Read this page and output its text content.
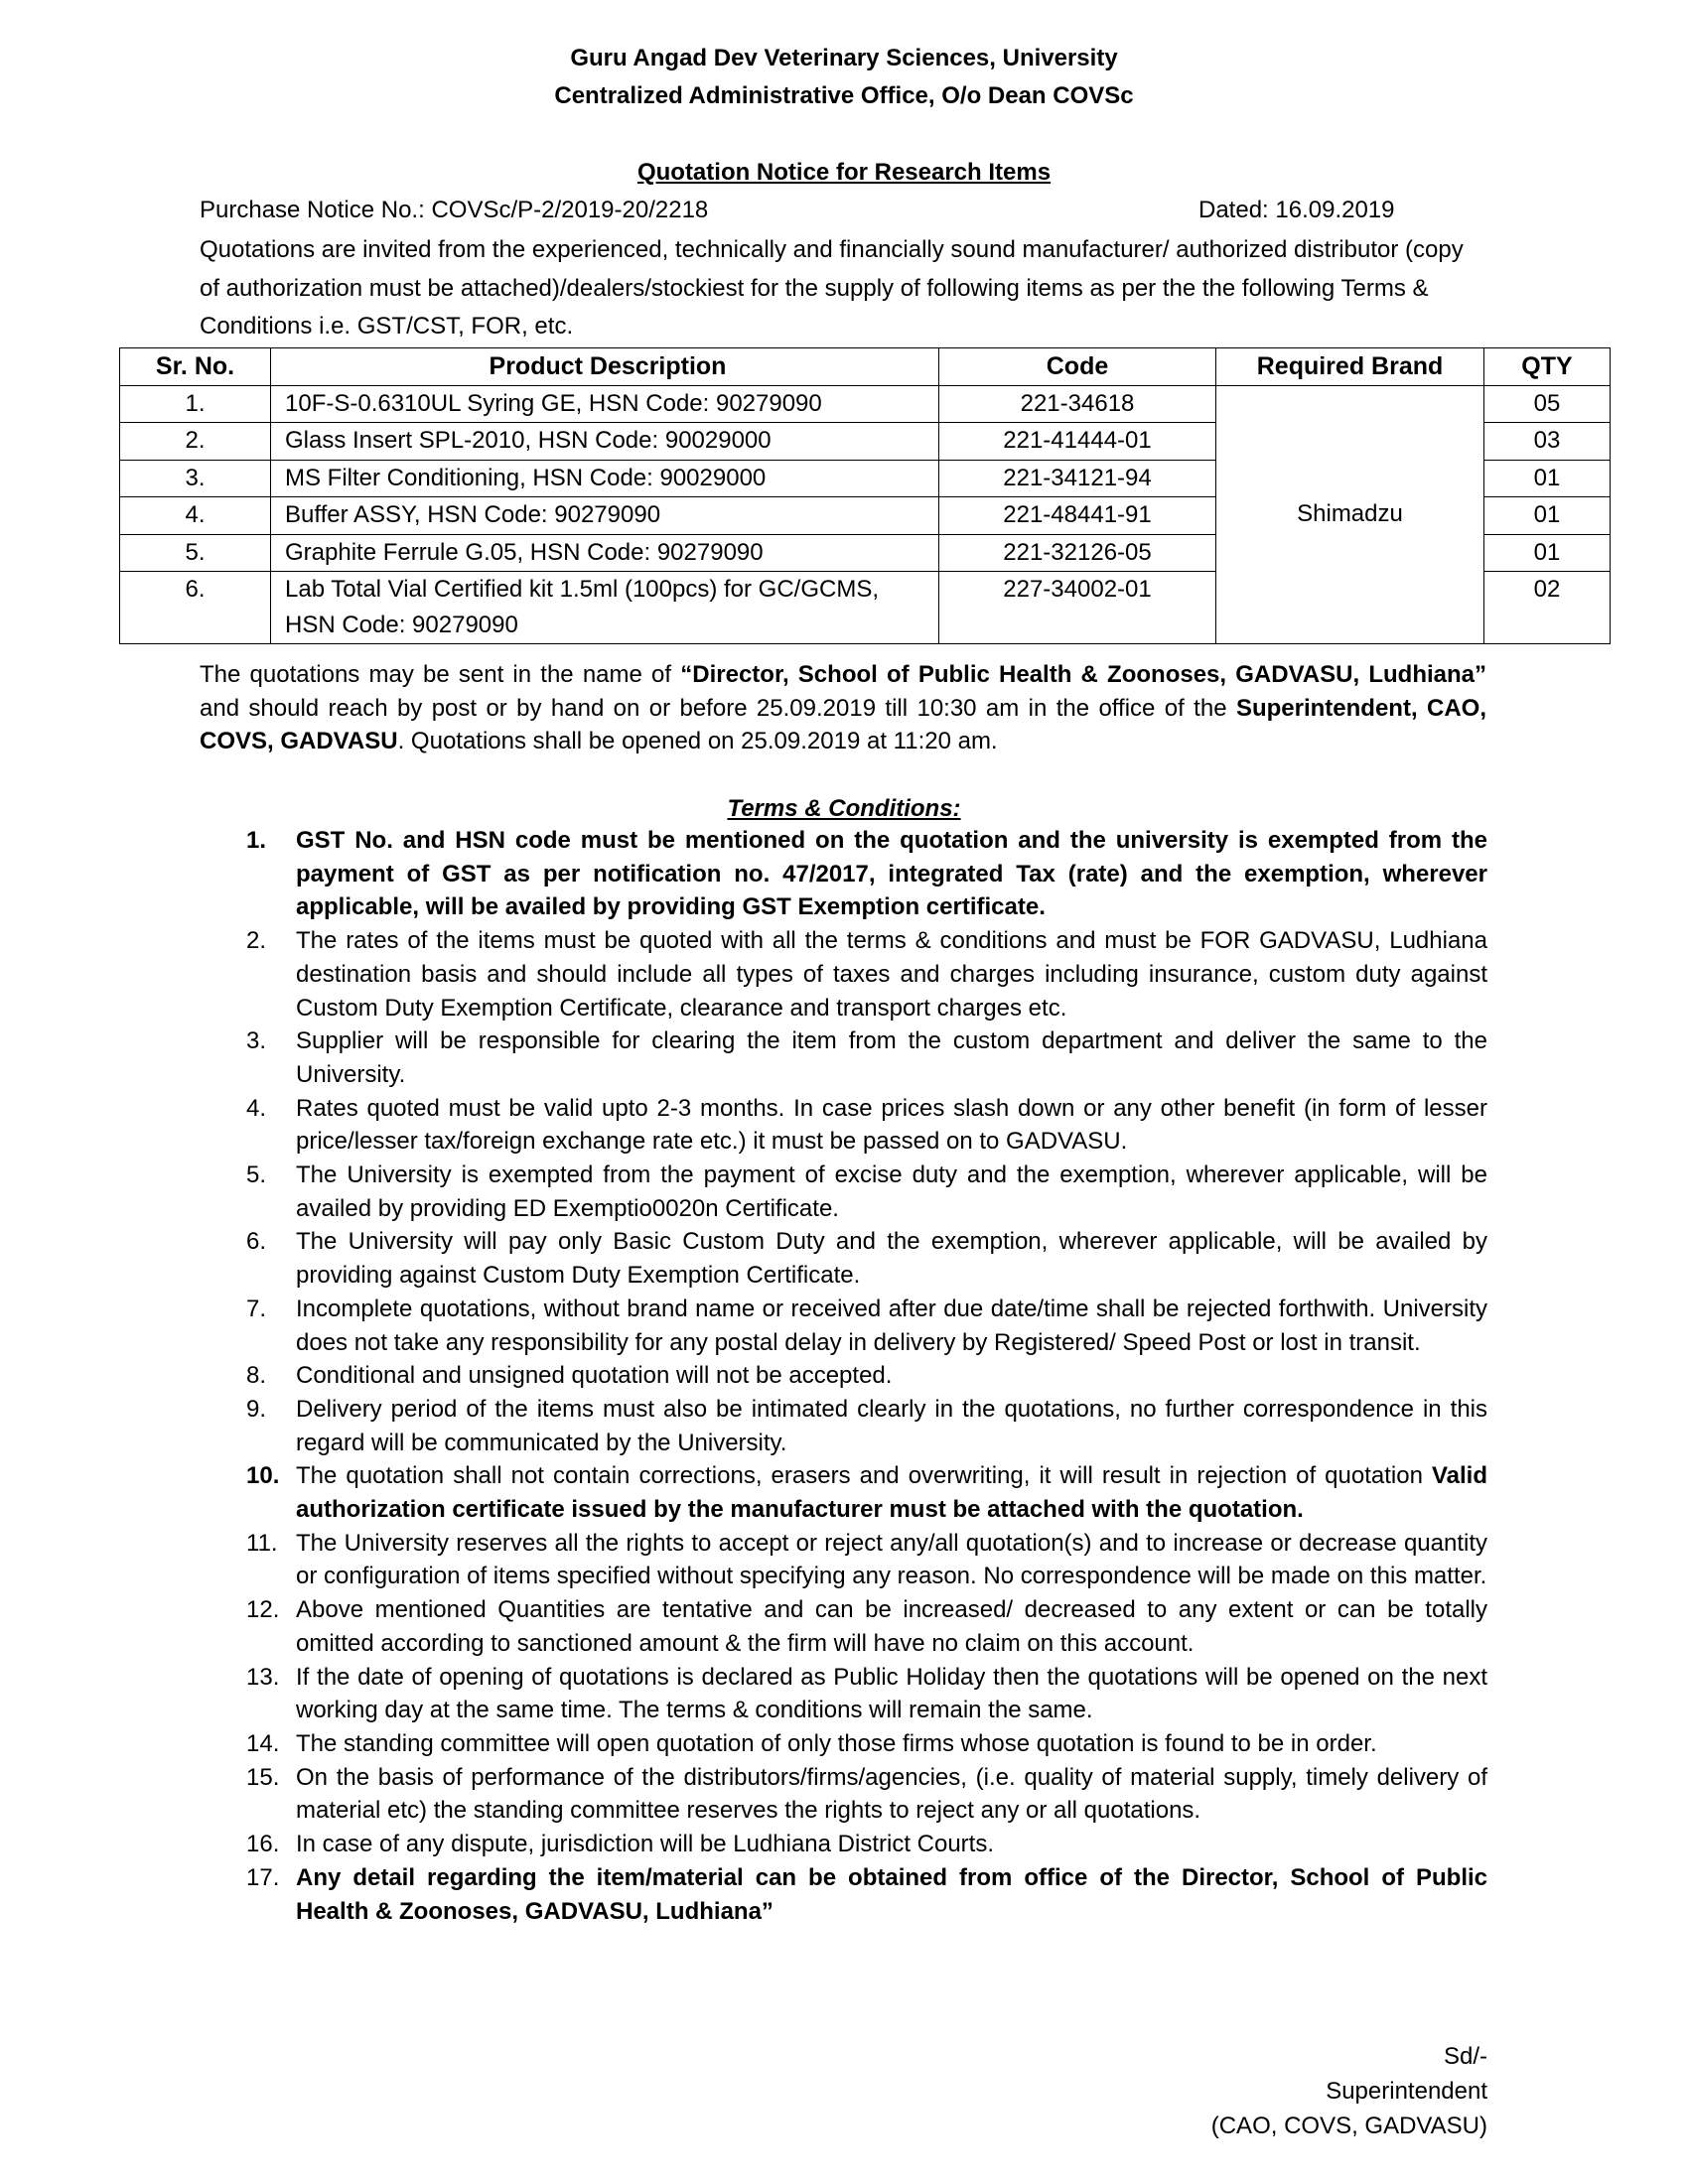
Guru Angad Dev Veterinary Sciences, University
Centralized Administrative Office, O/o Dean COVSc
Quotation Notice for Research Items
Purchase Notice No.: COVSc/P-2/2019-20/2218	Dated: 16.09.2019
Quotations are invited from the experienced, technically and financially sound manufacturer/ authorized distributor (copy of authorization must be attached)/dealers/stockiest for the supply of following items as per the the following Terms & Conditions i.e. GST/CST, FOR, etc.
Sr. No.	Product Description	Code	Required Brand	QTY
1.	10F-S-0.6310UL Syring GE, HSN Code: 90279090	221-34618	Shimadzu	05
2.	Glass Insert SPL-2010, HSN Code: 90029000	221-41444-01		03
3.	MS Filter Conditioning, HSN Code: 90029000	221-34121-94		01
4.	Buffer ASSY, HSN Code: 90279090	221-48441-91		01
5.	Graphite Ferrule G.05, HSN Code: 90279090	221-32126-05		01
6.	Lab Total Vial Certified kit 1.5ml (100pcs) for GC/GCMS, HSN Code: 90279090	227-34002-01		02
The quotations may be sent in the name of “Director, School of Public Health & Zoonoses, GADVASU, Ludhiana” and should reach by post or by hand on or before 25.09.2019 till 10:30 am in the office of the Superintendent, CAO, COVS, GADVASU. Quotations shall be opened on 25.09.2019 at 11:20 am.
Terms & Conditions:
1. GST No. and HSN code must be mentioned on the quotation and the university is exempted from the payment of GST as per notification no. 47/2017, integrated Tax (rate) and the exemption, wherever applicable, will be availed by providing GST Exemption certificate.
2. The rates of the items must be quoted with all the terms & conditions and must be FOR GADVASU, Ludhiana destination basis and should include all types of taxes and charges including insurance, custom duty against Custom Duty Exemption Certificate, clearance and transport charges etc.
3. Supplier will be responsible for clearing the item from the custom department and deliver the same to the University.
4. Rates quoted must be valid upto 2-3 months. In case prices slash down or any other benefit (in form of lesser price/lesser tax/foreign exchange rate etc.) it must be passed on to GADVASU.
5. The University is exempted from the payment of excise duty and the exemption, wherever applicable, will be availed by providing ED Exemptio0020n Certificate.
6. The University will pay only Basic Custom Duty and the exemption, wherever applicable, will be availed by providing against Custom Duty Exemption Certificate.
7. Incomplete quotations, without brand name or received after due date/time shall be rejected forthwith. University does not take any responsibility for any postal delay in delivery by Registered/ Speed Post or lost in transit.
8. Conditional and unsigned quotation will not be accepted.
9. Delivery period of the items must also be intimated clearly in the quotations, no further correspondence in this regard will be communicated by the University.
10. The quotation shall not contain corrections, erasers and overwriting, it will result in rejection of quotation Valid authorization certificate issued by the manufacturer must be attached with the quotation.
11. The University reserves all the rights to accept or reject any/all quotation(s) and to increase or decrease quantity or configuration of items specified without specifying any reason. No correspondence will be made on this matter.
12. Above mentioned Quantities are tentative and can be increased/ decreased to any extent or can be totally omitted according to sanctioned amount & the firm will have no claim on this account.
13. If the date of opening of quotations is declared as Public Holiday then the quotations will be opened on the next working day at the same time. The terms & conditions will remain the same.
14. The standing committee will open quotation of only those firms whose quotation is found to be in order.
15. On the basis of performance of the distributors/firms/agencies, (i.e. quality of material supply, timely delivery of material etc) the standing committee reserves the rights to reject any or all quotations.
16. In case of any dispute, jurisdiction will be Ludhiana District Courts.
17. Any detail regarding the item/material can be obtained from office of the Director, School of Public Health & Zoonoses, GADVASU, Ludhiana”
Sd/-
Superintendent
(CAO, COVS, GADVASU)
